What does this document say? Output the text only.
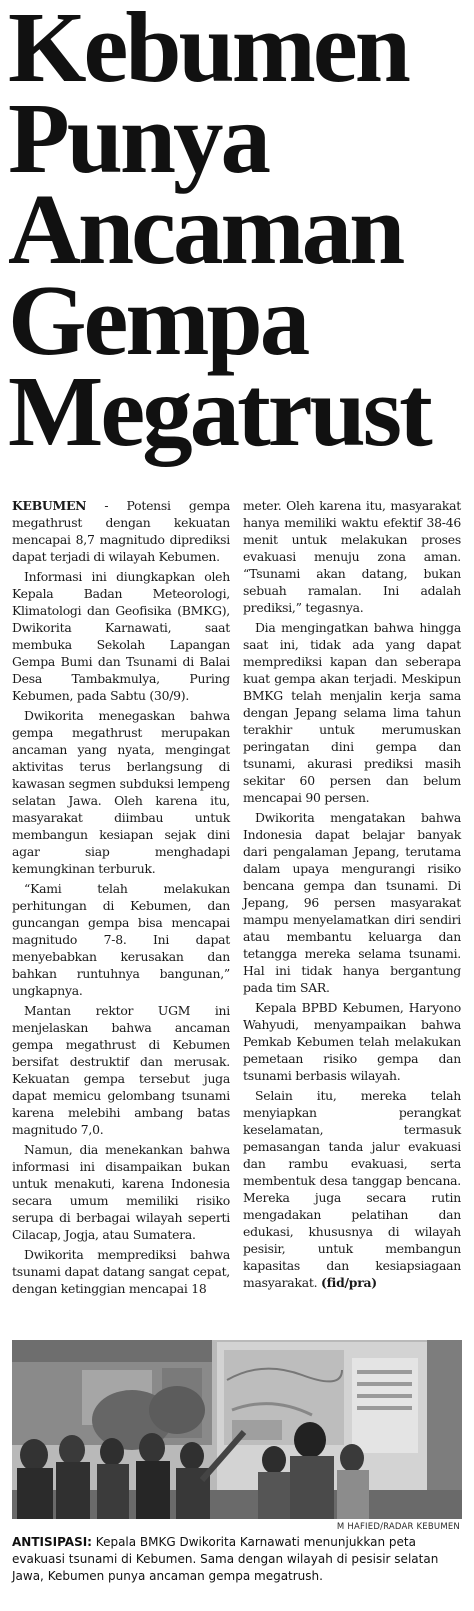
Kebumen
Punya
Ancaman
Gempa
Megatrust

KEBUMEN - Potensi gempa megathrust dengan kekuatan mencapai 8,7 magnitudo diprediksi dapat terjadi di wilayah Kebumen.

Informasi ini diungkapkan oleh Kepala Badan Meteorologi, Klimatologi dan Geofisika (BMKG), Dwikorita Karnawati, saat membuka Sekolah Lapangan Gempa Bumi dan Tsunami di Balai Desa Tambakmulya, Puring Kebumen, pada Sabtu (30/9).

Dwikorita menegaskan bahwa gempa megathrust merupakan ancaman yang nyata, mengingat aktivitas terus berlangsung di kawasan segmen subduksi lempeng selatan Jawa. Oleh karena itu, masyarakat diimbau untuk membangun kesiapan sejak dini agar siap menghadapi kemungkinan terburuk.

“Kami telah melakukan perhitungan di Kebumen, dan guncangan gempa bisa mencapai magnitudo 7-8. Ini dapat menyebabkan kerusakan dan bahkan runtuhnya bangunan,” ungkapnya.

Mantan rektor UGM ini menjelaskan bahwa ancaman gempa megathrust di Kebumen bersifat destruktif dan merusak. Kekuatan gempa tersebut juga dapat memicu gelombang tsunami karena melebihi ambang batas magnitudo 7,0.

Namun, dia menekankan bahwa informasi ini disampaikan bukan untuk menakuti, karena Indonesia secara umum memiliki risiko serupa di berbagai wilayah seperti Cilacap, Jogja, atau Sumatera.

Dwikorita memprediksi bahwa tsunami dapat datang sangat cepat, dengan ketinggian mencapai 18

meter. Oleh karena itu, masyarakat hanya memiliki waktu efektif 38-46 menit untuk melakukan proses evakuasi menuju zona aman. “Tsunami akan datang, bukan sebuah ramalan. Ini adalah prediksi,” tegasnya.

Dia mengingatkan bahwa hingga saat ini, tidak ada yang dapat memprediksi kapan dan seberapa kuat gempa akan terjadi. Meskipun BMKG telah menjalin kerja sama dengan Jepang selama lima tahun terakhir untuk merumuskan peringatan dini gempa dan tsunami, akurasi prediksi masih sekitar 60 persen dan belum mencapai 90 persen.

Dwikorita mengatakan bahwa Indonesia dapat belajar banyak dari pengalaman Jepang, terutama dalam upaya mengurangi risiko bencana gempa dan tsunami. Di Jepang, 96 persen masyarakat mampu menyelamatkan diri sendiri atau membantu keluarga dan tetangga mereka selama tsunami. Hal ini tidak hanya bergantung pada tim SAR.

Kepala BPBD Kebumen, Haryono Wahyudi, menyampaikan bahwa Pemkab Kebumen telah melakukan pemetaan risiko gempa dan tsunami berbasis wilayah.

Selain itu, mereka telah menyiapkan perangkat keselamatan, termasuk pemasangan tanda jalur evakuasi dan rambu evakuasi, serta membentuk desa tanggap bencana. Mereka juga secara rutin mengadakan pelatihan dan edukasi, khususnya di wilayah pesisir, untuk membangun kapasitas dan kesiapsiagaan masyarakat. (fid/pra)

M HAFIED/RADAR KEBUMEN

ANTISIPASI: Kepala BMKG Dwikorita Karnawati menunjukkan peta evakuasi tsunami di Kebumen. Sama dengan wilayah di pesisir selatan Jawa, Kebumen punya ancaman gempa megatrush.
